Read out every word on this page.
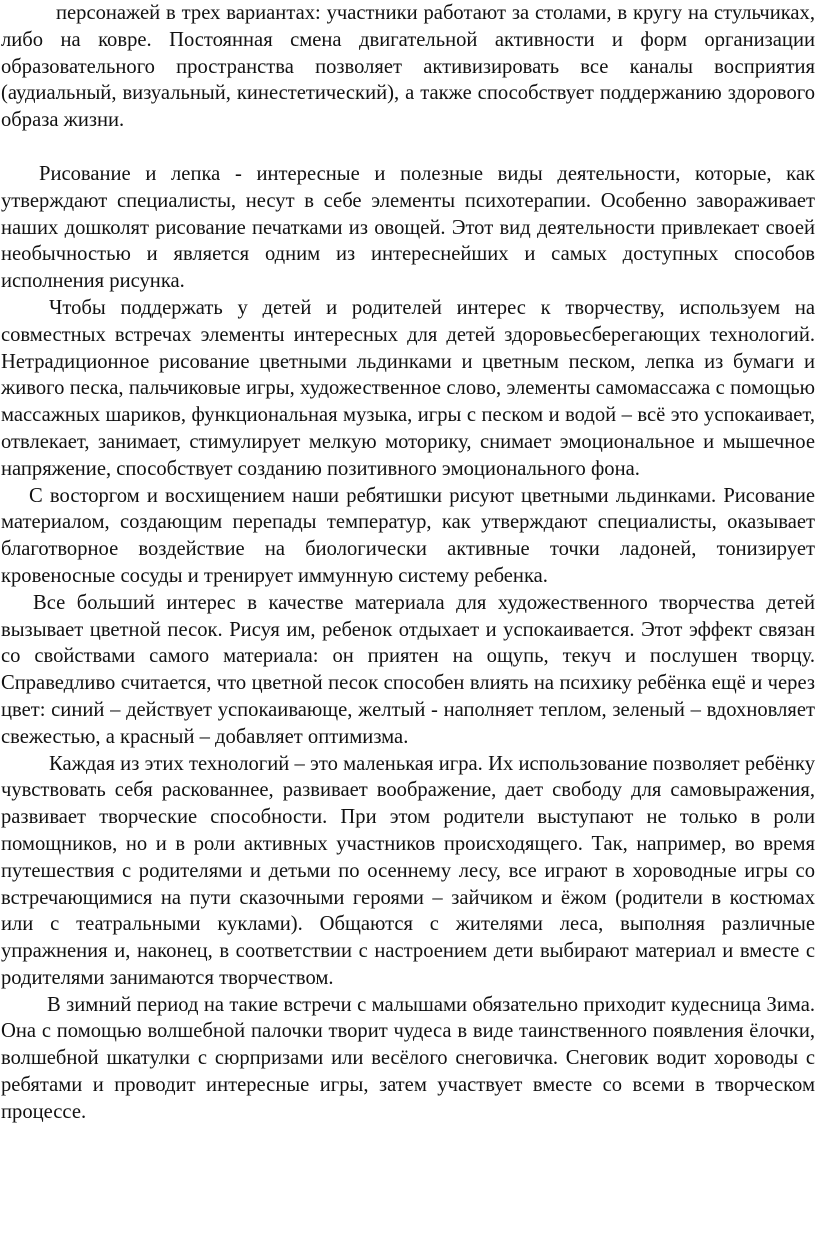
персонажей в трех вариантах: участники работают за столами, в кругу на стульчиках, либо на ковре. Постоянная смена двигательной активности и форм организации образовательного пространства позволяет активизировать все каналы восприятия (аудиальный, визуальный, кинестетический), а также способствует поддержанию здорового образа жизни.

Рисование и лепка - интересные и полезные виды деятельности, которые, как утверждают специалисты, несут в себе элементы психотерапии. Особенно завораживает наших дошколят рисование печатками из овощей. Этот вид деятельности привлекает своей необычностью и является одним из интереснейших и самых доступных способов исполнения рисунка.

Чтобы поддержать у детей и родителей интерес к творчеству, используем на совместных встречах элементы интересных для детей здоровьесберегающих технологий. Нетрадиционное рисование цветными льдинками и цветным песком, лепка из бумаги и живого песка, пальчиковые игры, художественное слово, элементы самомассажа с помощью массажных шариков, функциональная музыка, игры с песком и водой – всё это успокаивает, отвлекает, занимает, стимулирует мелкую моторику, снимает эмоциональное и мышечное напряжение, способствует созданию позитивного эмоционального фона.

С восторгом и восхищением наши ребятишки рисуют цветными льдинками. Рисование материалом, создающим перепады температур, как утверждают специалисты, оказывает благотворное воздействие на биологически активные точки ладоней, тонизирует кровеносные сосуды и тренирует иммунную систему ребенка.

Все больший интерес в качестве материала для художественного творчества детей вызывает цветной песок. Рисуя им, ребенок отдыхает и успокаивается. Этот эффект связан со свойствами самого материала: он приятен на ощупь, текуч и послушен творцу. Справедливо считается, что цветной песок способен влиять на психику ребёнка ещё и через цвет: синий – действует успокаивающе, желтый - наполняет теплом, зеленый – вдохновляет свежестью, а красный – добавляет оптимизма.

Каждая из этих технологий – это маленькая игра. Их использование позволяет ребёнку чувствовать себя раскованнее, развивает воображение, дает свободу для самовыражения, развивает творческие способности. При этом родители выступают не только в роли помощников, но и в роли активных участников происходящего. Так, например, во время путешествия с родителями и детьми по осеннему лесу, все играют в хороводные игры со встречающимися на пути сказочными героями – зайчиком и ёжом (родители в костюмах или с театральными куклами). Общаются с жителями леса, выполняя различные упражнения и, наконец, в соответствии с настроением дети выбирают материал и вместе с родителями занимаются творчеством.

В зимний период на такие встречи с малышами обязательно приходит кудесница Зима. Она с помощью волшебной палочки творит чудеса в виде таинственного появления ёлочки, волшебной шкатулки с сюрпризами или весёлого снеговичка. Снеговик водит хороводы с ребятами и проводит интересные игры, затем участвует вместе со всеми в творческом процессе.
